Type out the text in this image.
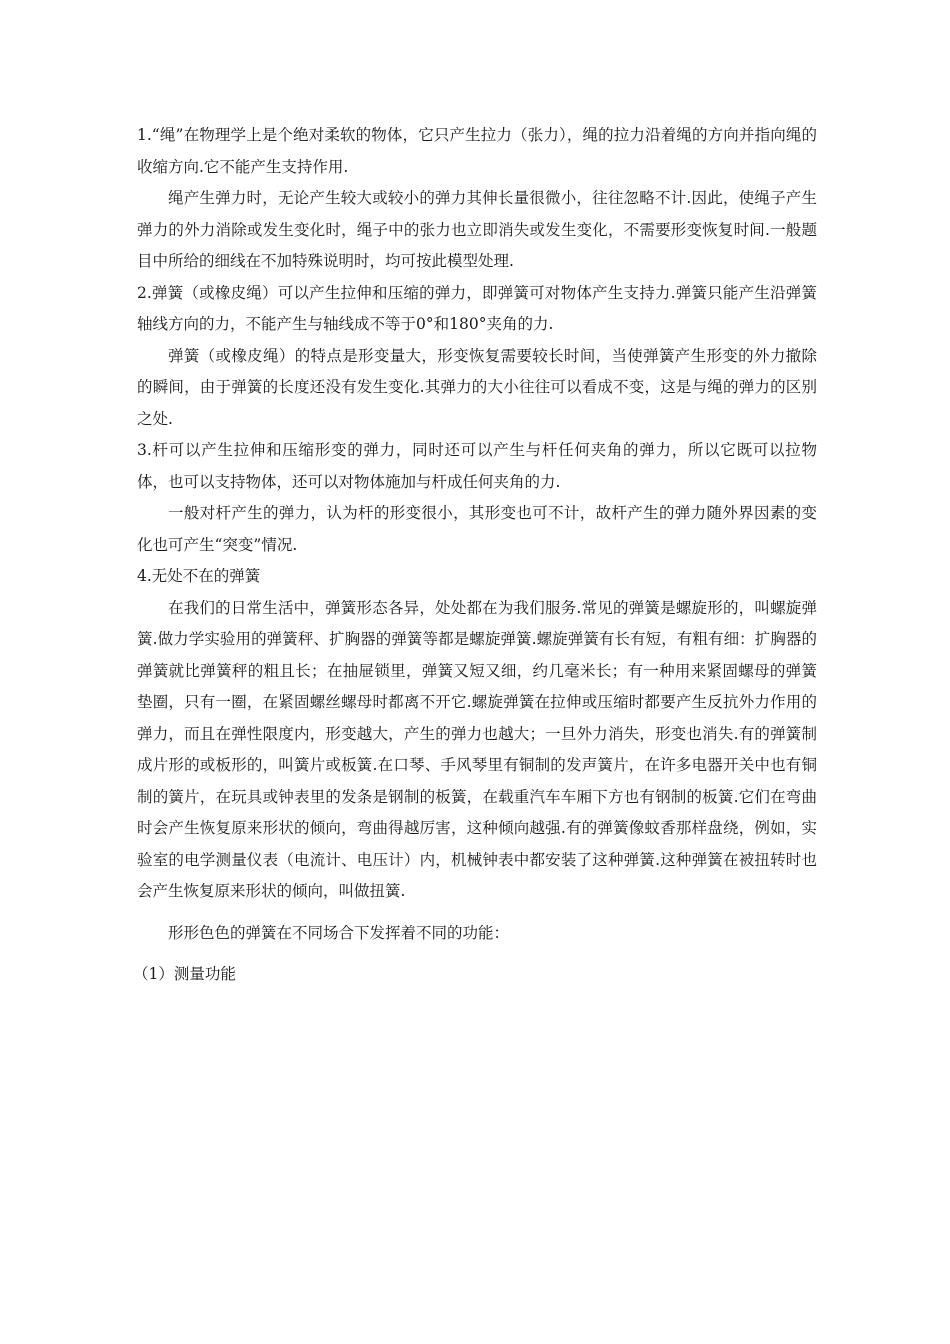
1.“绳”在物理学上是个绝对柔软的物体，它只产生拉力（张力），绳的拉力沿着绳的方向并指向绳的收缩方向.它不能产生支持作用.

绳产生弹力时，无论产生较大或较小的弹力其伸长量很微小，往往忽略不计.因此，使绳子产生弹力的外力消除或发生变化时，绳子中的张力也立即消失或发生变化，不需要形变恢复时间.一般题目中所给的细线在不加特殊说明时，均可按此模型处理.

2.弹簧（或橡皮绳）可以产生拉伸和压缩的弹力，即弹簧可对物体产生支持力.弹簧只能产生沿弹簧轴线方向的力，不能产生与轴线成不等于0°和180°夹角的力.

弹簧（或橡皮绳）的特点是形变量大，形变恢复需要较长时间，当使弹簧产生形变的外力撤除的瞬间，由于弹簧的长度还没有发生变化.其弹力的大小往往可以看成不变，这是与绳的弹力的区别之处.

3.杆可以产生拉伸和压缩形变的弹力，同时还可以产生与杆任何夹角的弹力，所以它既可以拉物体，也可以支持物体，还可以对物体施加与杆成任何夹角的力.

一般对杆产生的弹力，认为杆的形变很小，其形变也可不计，故杆产生的弹力随外界因素的变化也可产生“突变”情况.

4.无处不在的弹簧

在我们的日常生活中，弹簧形态各异，处处都在为我们服务.常见的弹簧是螺旋形的，叫螺旋弹簧.做力学实验用的弹簧秤、扩胸器的弹簧等都是螺旋弹簧.螺旋弹簧有长有短，有粗有细：扩胸器的弹簧就比弹簧秤的粗且长；在抽屉锁里，弹簧又短又细，约几毫米长；有一种用来紧固螺母的弹簧垫圈，只有一圈，在紧固螺丝螺母时都离不开它.螺旋弹簧在拉伸或压缩时都要产生反抗外力作用的弹力，而且在弹性限度内，形变越大，产生的弹力也越大；一旦外力消失，形变也消失.有的弹簧制成片形的或板形的，叫簧片或板簧.在口琴、手风琴里有铜制的发声簧片，在许多电器开关中也有铜制的簧片，在玩具或钟表里的发条是钢制的板簧，在载重汽车车厢下方也有钢制的板簧.它们在弯曲时会产生恢复原来形状的倾向，弯曲得越厉害，这种倾向越强.有的弹簧像蚊香那样盘绕，例如，实验室的电学测量仪表（电流计、电压计）内，机械钟表中都安装了这种弹簧.这种弹簧在被扭转时也会产生恢复原来形状的倾向，叫做扭簧.

形形色色的弹簧在不同场合下发挥着不同的功能：

（1）测量功能
